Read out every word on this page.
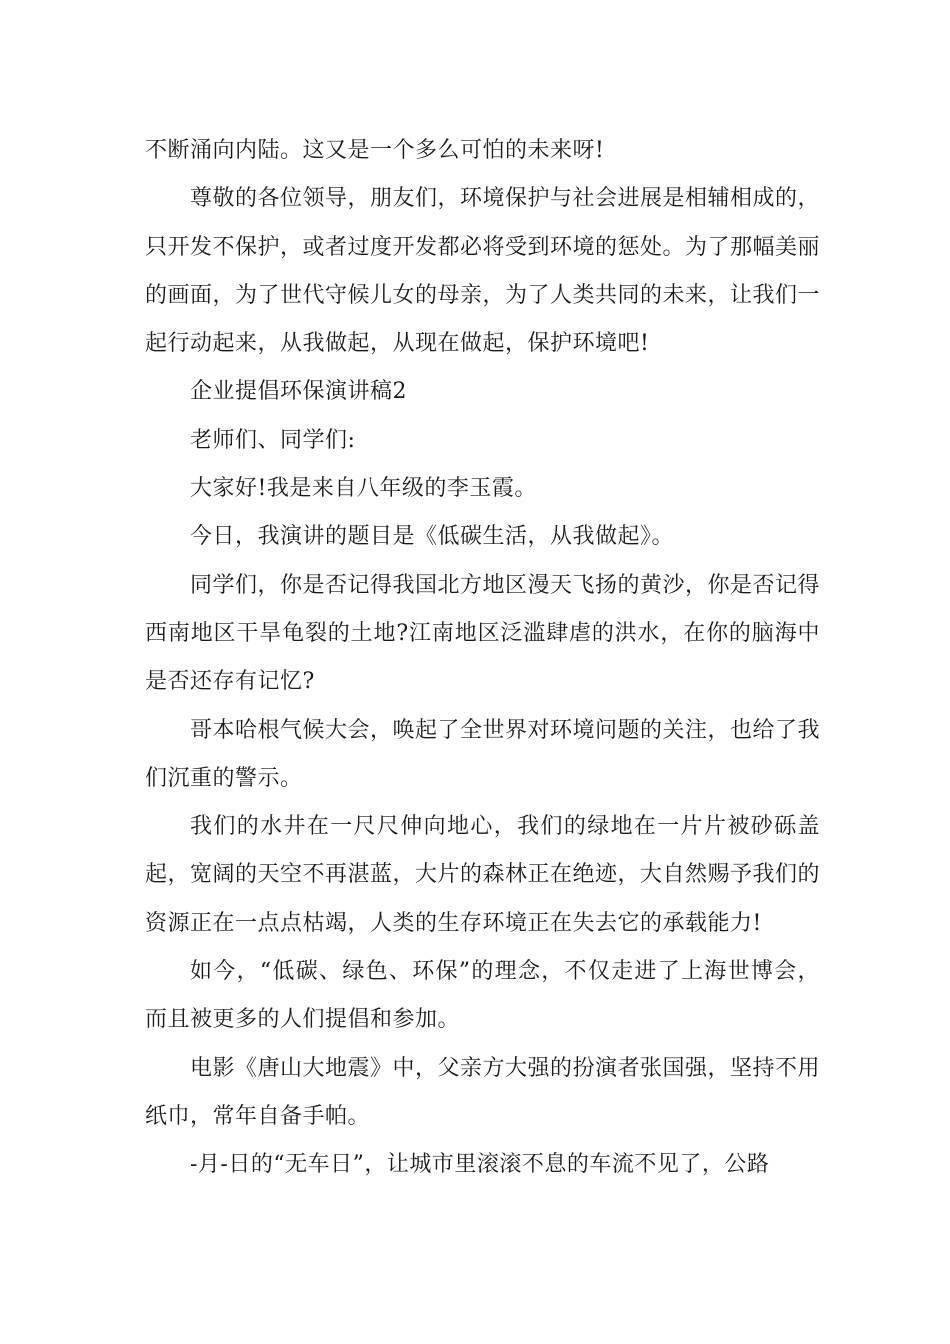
不断涌向内陆。这又是一个多么可怕的未来呀!

尊敬的各位领导，朋友们，环境保护与社会进展是相辅相成的，只开发不保护，或者过度开发都必将受到环境的惩处。为了那幅美丽的画面，为了世代守候儿女的母亲，为了人类共同的未来，让我们一起行动起来，从我做起，从现在做起，保护环境吧!

企业提倡环保演讲稿2

老师们、同学们:

大家好!我是来自八年级的李玉霞。

今日，我演讲的题目是《低碳生活，从我做起》。

同学们，你是否记得我国北方地区漫天飞扬的黄沙，你是否记得西南地区干旱龟裂的土地?江南地区泛滥肆虐的洪水，在你的脑海中是否还存有记忆?

哥本哈根气候大会，唤起了全世界对环境问题的关注，也给了我们沉重的警示。

我们的水井在一尺尺伸向地心，我们的绿地在一片片被砂砾盖起，宽阔的天空不再湛蓝，大片的森林正在绝迹，大自然赐予我们的资源正在一点点枯竭，人类的生存环境正在失去它的承载能力!

如今，“低碳、绿色、环保”的理念，不仅走进了上海世博会，而且被更多的人们提倡和参加。

电影《唐山大地震》中，父亲方大强的扮演者张国强，坚持不用纸巾，常年自备手帕。

-月-日的“无车日”，让城市里滚滚不息的车流不见了，公路
